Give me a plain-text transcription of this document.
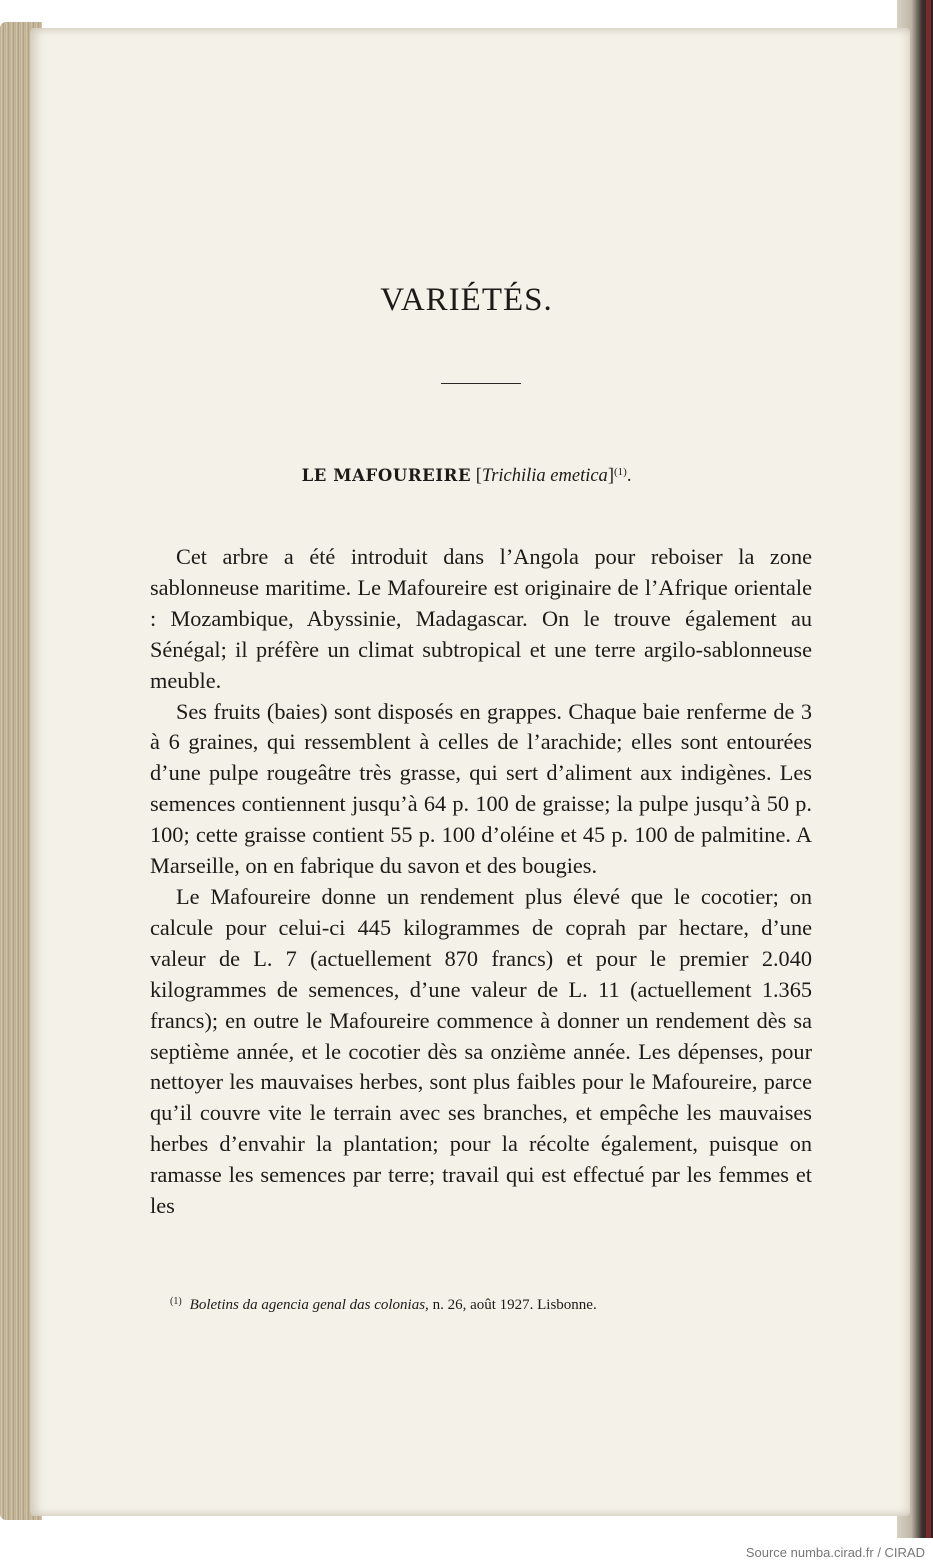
VARIÉTÉS.
LE MAFOUREIRE [Trichilia emetica]$^{(1)}$.

Cet arbre a été introduit dans l’Angola pour reboiser la zone sablonneuse maritime. Le Mafoureire est originaire de l’Afrique orientale : Mozambique, Abyssinie, Madagascar. On le trouve également au Sénégal; il préfère un climat subtropical et une terre argilo-sablonneuse meuble.

Ses fruits (baies) sont disposés en grappes. Chaque baie renferme de 3 à 6 graines, qui ressemblent à celles de l’arachide; elles sont entourées d’une pulpe rougeâtre très grasse, qui sert d’aliment aux indigènes. Les semences contiennent jusqu’à 64 p. 100 de graisse; la pulpe jusqu’à 50 p. 100; cette graisse contient 55 p. 100 d’oléine et 45 p. 100 de palmitine. A Marseille, on en fabrique du savon et des bougies.

Le Mafoureire donne un rendement plus élevé que le cocotier; on calcule pour celui-ci 445 kilogrammes de coprah par hectare, d’une valeur de L. 7 (actuellement 870 francs) et pour le premier 2.040 kilogrammes de semences, d’une valeur de L. 11 (actuellement 1.365 francs); en outre le Mafoureire commence à donner un rendement dès sa septième année, et le cocotier dès sa onzième année. Les dépenses, pour nettoyer les mauvaises herbes, sont plus faibles pour le Mafoureire, parce qu’il couvre vite le terrain avec ses branches, et empêche les mauvaises herbes d’envahir la plantation; pour la récolte également, puisque on ramasse les semences par terre; travail qui est effectué par les femmes et les

$^{(1)}$ Boletins da agencia genal das colonias, n. 26, août 1927. Lisbonne.
Source numba.cirad.fr / CIRAD
